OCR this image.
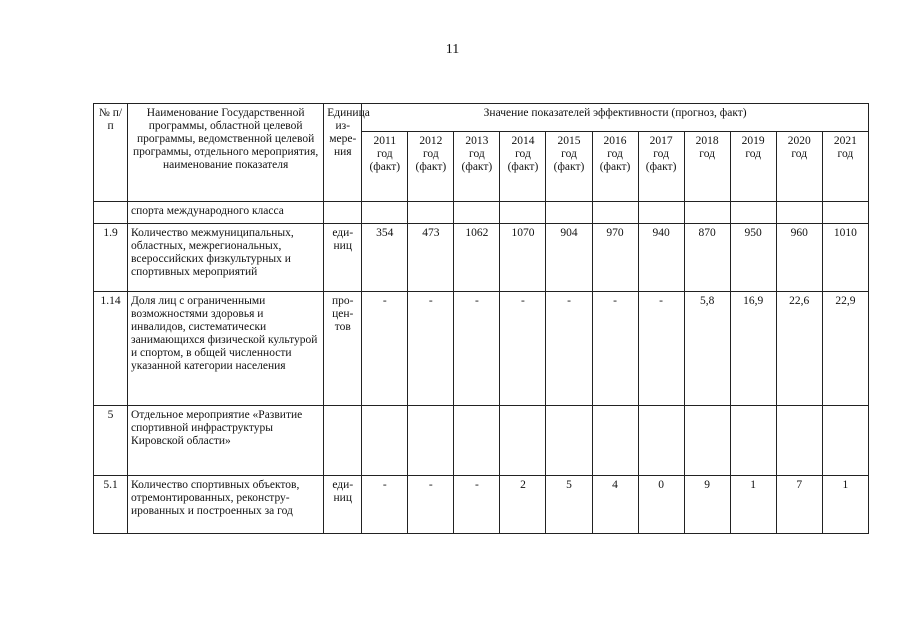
11
№ п/п	Наименование Государственной программы, областной целевой программы, ведомственной целевой программы, отдельного мероприятия, наименование показателя	Единица из-мере-ния	Значение показателей эффективности (прогноз, факт)										
			2011 год (факт)	2012 год (факт)	2013 год (факт)	2014 год (факт)	2015 год (факт)	2016 год (факт)	2017 год (факт)	2018 год	2019 год	2020 год	2021 год
	спорта международного класса												
1.9	Количество межмуниципальных, областных, межрегиональных, всероссийских физкультурных и спортивных мероприятий	еди-ниц	354	473	1062	1070	904	970	940	870	950	960	1010
1.14	Доля лиц с ограниченными возможностями здоровья и инвалидов, систематически занимающихся физической культурой и спортом, в общей численности указанной категории населения	про-цен-тов	-	-	-	-	-	-	-	5,8	16,9	22,6	22,9
5	Отдельное мероприятие «Развитие спортивной инфраструктуры Кировской области»												
5.1	Количество спортивных объектов, отремонтированных, реконстру-ированных и построенных за год	еди-ниц	-	-	-	2	5	4	0	9	1	7	1
